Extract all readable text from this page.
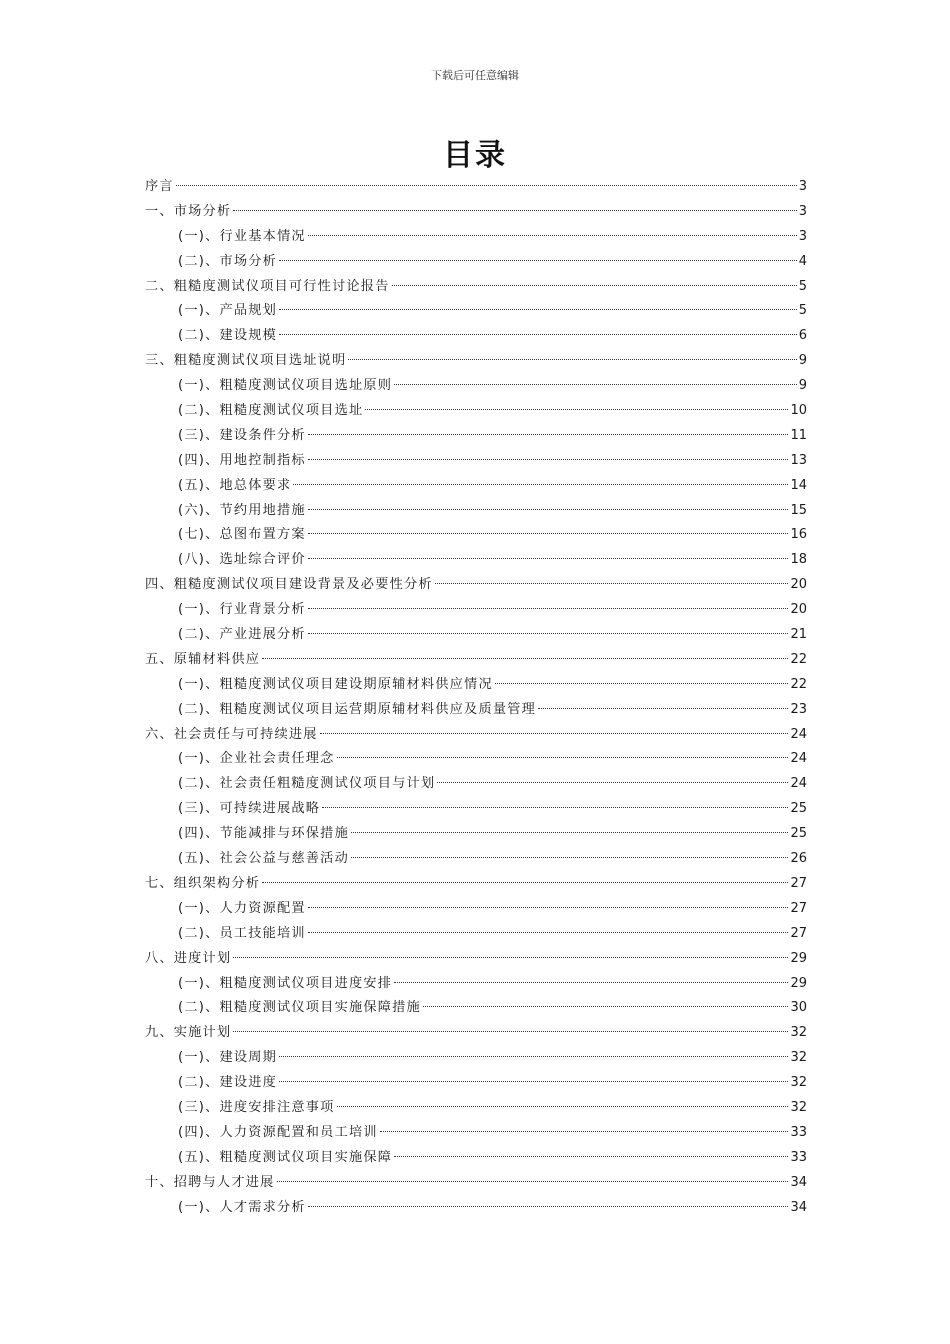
下载后可任意编辑
目录
序言	3
一、市场分析	3
(一)、行业基本情况	3
(二)、市场分析	4
二、粗糙度测试仪项目可行性讨论报告	5
(一)、产品规划	5
(二)、建设规模	6
三、粗糙度测试仪项目选址说明	9
(一)、粗糙度测试仪项目选址原则	9
(二)、粗糙度测试仪项目选址	10
(三)、建设条件分析	11
(四)、用地控制指标	13
(五)、地总体要求	14
(六)、节约用地措施	15
(七)、总图布置方案	16
(八)、选址综合评价	18
四、粗糙度测试仪项目建设背景及必要性分析	20
(一)、行业背景分析	20
(二)、产业进展分析	21
五、原辅材料供应	22
(一)、粗糙度测试仪项目建设期原辅材料供应情况	22
(二)、粗糙度测试仪项目运营期原辅材料供应及质量管理	23
六、社会责任与可持续进展	24
(一)、企业社会责任理念	24
(二)、社会责任粗糙度测试仪项目与计划	24
(三)、可持续进展战略	25
(四)、节能减排与环保措施	25
(五)、社会公益与慈善活动	26
七、组织架构分析	27
(一)、人力资源配置	27
(二)、员工技能培训	27
八、进度计划	29
(一)、粗糙度测试仪项目进度安排	29
(二)、粗糙度测试仪项目实施保障措施	30
九、实施计划	32
(一)、建设周期	32
(二)、建设进度	32
(三)、进度安排注意事项	32
(四)、人力资源配置和员工培训	33
(五)、粗糙度测试仪项目实施保障	33
十、招聘与人才进展	34
(一)、人才需求分析	34
